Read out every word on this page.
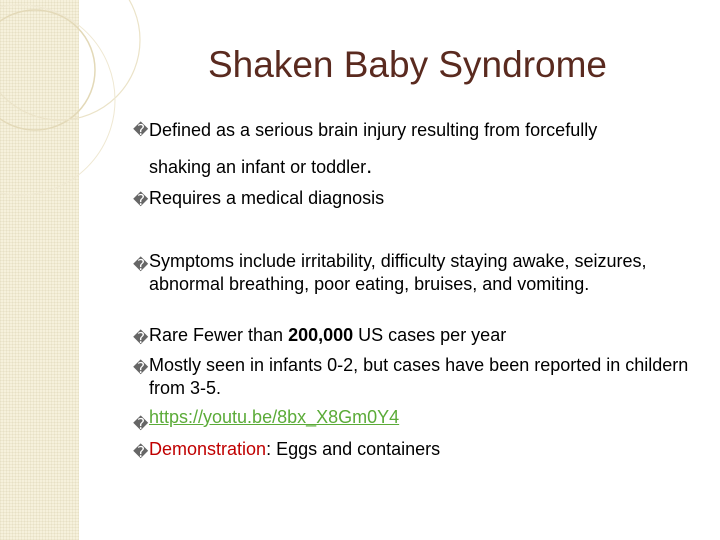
Shaken Baby Syndrome
� Defined as a serious brain injury resulting from forcefully
shaking an infant or toddler.
� Requires a medical diagnosis
� Symptoms include irritability, difficulty staying awake, seizures, abnormal breathing, poor eating, bruises, and vomiting.
� Rare Fewer than 200,000 US cases per year
� Mostly seen in infants 0-2, but cases have been reported in childern from 3-5.
� https://youtu.be/8bx_X8Gm0Y4
� Demonstration: Eggs and containers
